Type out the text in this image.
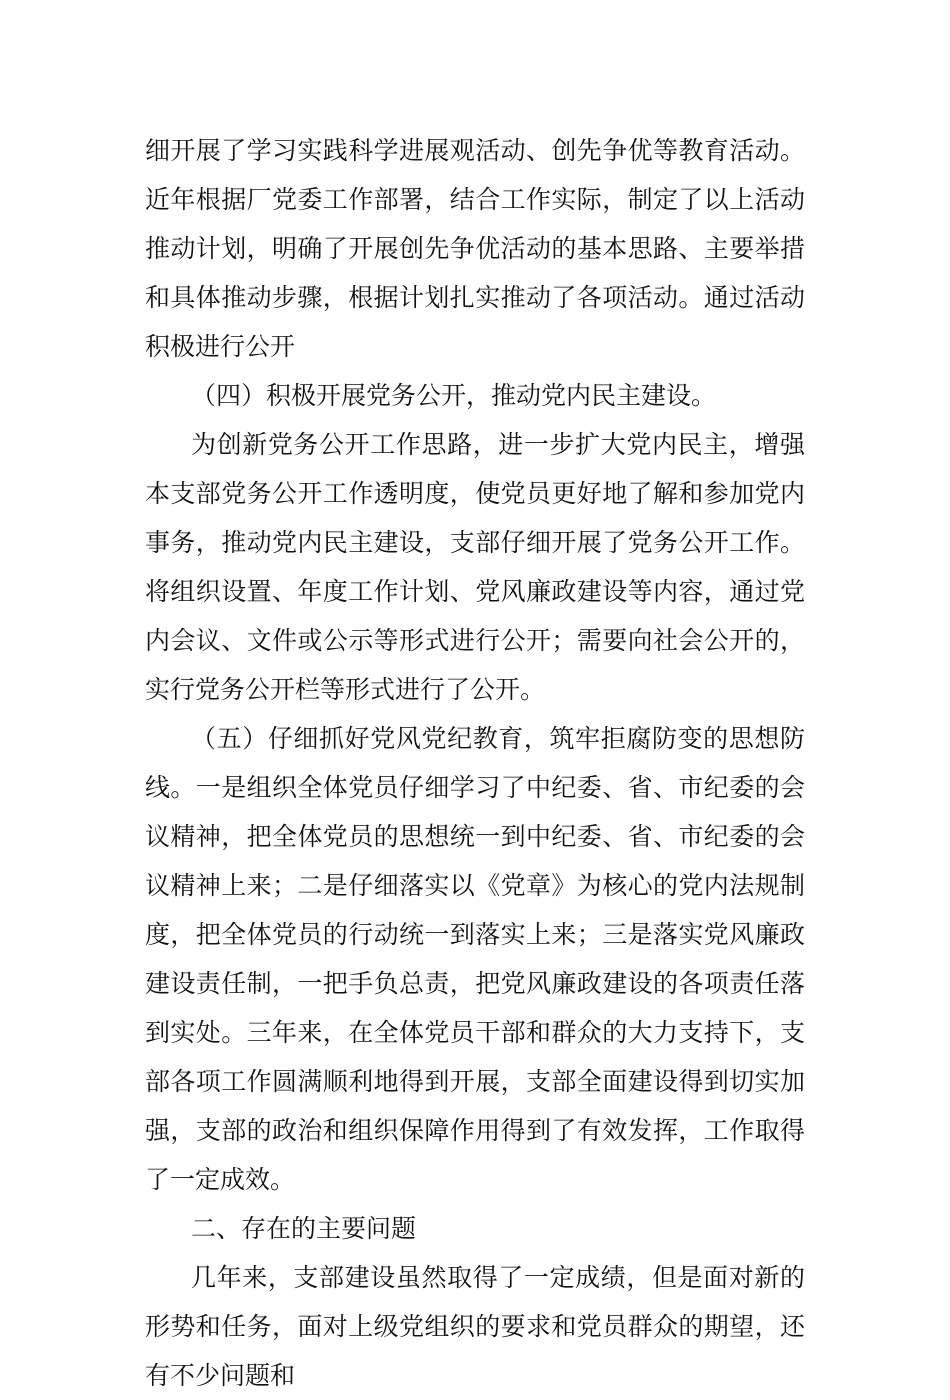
细开展了学习实践科学进展观活动、创先争优等教育活动。近年根据厂党委工作部署，结合工作实际，制定了以上活动推动计划，明确了开展创先争优活动的基本思路、主要举措和具体推动步骤，根据计划扎实推动了各项活动。通过活动积极进行公开

（四）积极开展党务公开，推动党内民主建设。

为创新党务公开工作思路，进一步扩大党内民主，增强本支部党务公开工作透明度，使党员更好地了解和参加党内事务，推动党内民主建设，支部仔细开展了党务公开工作。将组织设置、年度工作计划、党风廉政建设等内容，通过党内会议、文件或公示等形式进行公开；需要向社会公开的，实行党务公开栏等形式进行了公开。

（五）仔细抓好党风党纪教育，筑牢拒腐防变的思想防线。一是组织全体党员仔细学习了中纪委、省、市纪委的会议精神，把全体党员的思想统一到中纪委、省、市纪委的会议精神上来；二是仔细落实以《党章》为核心的党内法规制度，把全体党员的行动统一到落实上来；三是落实党风廉政建设责任制，一把手负总责，把党风廉政建设的各项责任落到实处。三年来，在全体党员干部和群众的大力支持下，支部各项工作圆满顺利地得到开展，支部全面建设得到切实加强，支部的政治和组织保障作用得到了有效发挥，工作取得了一定成效。

二、存在的主要问题

几年来，支部建设虽然取得了一定成绩，但是面对新的形势和任务，面对上级党组织的要求和党员群众的期望，还有不少问题和
